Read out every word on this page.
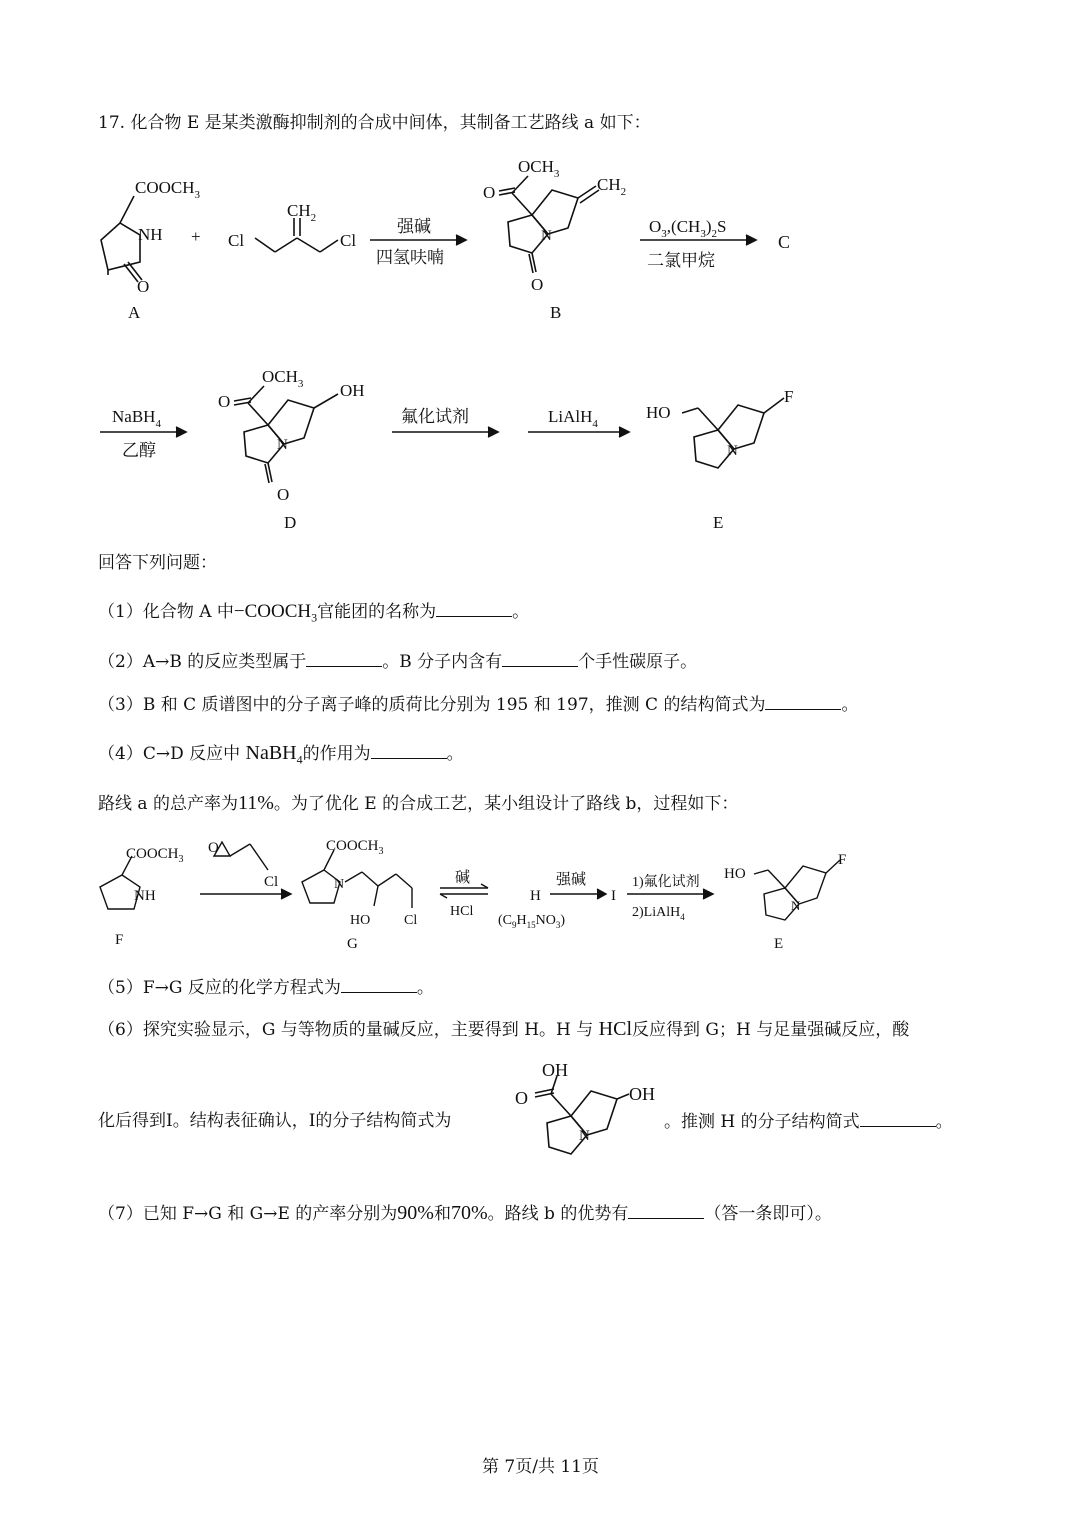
17. 化合物 E 是某类激酶抑制剂的合成中间体，其制备工艺路线 a 如下：
$COOCH_3$
NH
O
A
+ Cl	Cl
$CH_2$	强碱
四氢呋喃
$OCH_3$
O	$CH_2$
N
O
B
$O_3,(CH_3)_2S$
二氯甲烷
C
NaBH$_4$
乙醇
$OCH_3$
O
OH
N
O
D
氟化试剂	LiAlH$_4$
HO
F
N
E
回答下列问题：
（1）化合物 A 中$-COOCH_3$官能团的名称为	。
（2）A→B 的反应类型属于	。B 分子内含有	个手性碳原子。
（3）B 和 C 质谱图中的分子离子峰的质荷比分别为 195 和 197，推测 C 的结构简式为	。
（4）C→D 反应中 NaBH$_4$的作用为	。
路线 a 的总产率为11%。为了优化 E 的合成工艺，某小组设计了路线 b，过程如下：
$COOCH_3$
NH
F
O
Cl
$COOCH_3$
N
HO Cl
G
碱
HCl
H
$(C_9H_{15}NO_3)$
强碱
I
1)氟化试剂
2)LiAlH$_4$
HO
F
N
E
（5）F→G 反应的化学方程式为	。
（6）探究实验显示，G 与等物质的量碱反应，主要得到 H。H 与 HCl反应得到 G；H 与足量强碱反应，酸
化后得到I。结构表征确认，I的分子结构简式为
OH
O	OH
N
。推测 H 的分子结构简式	。
（7）已知 F→G 和 G→E 的产率分别为90%和70%。路线 b 的优势有	（答一条即可）。
第 7页/共 11页
